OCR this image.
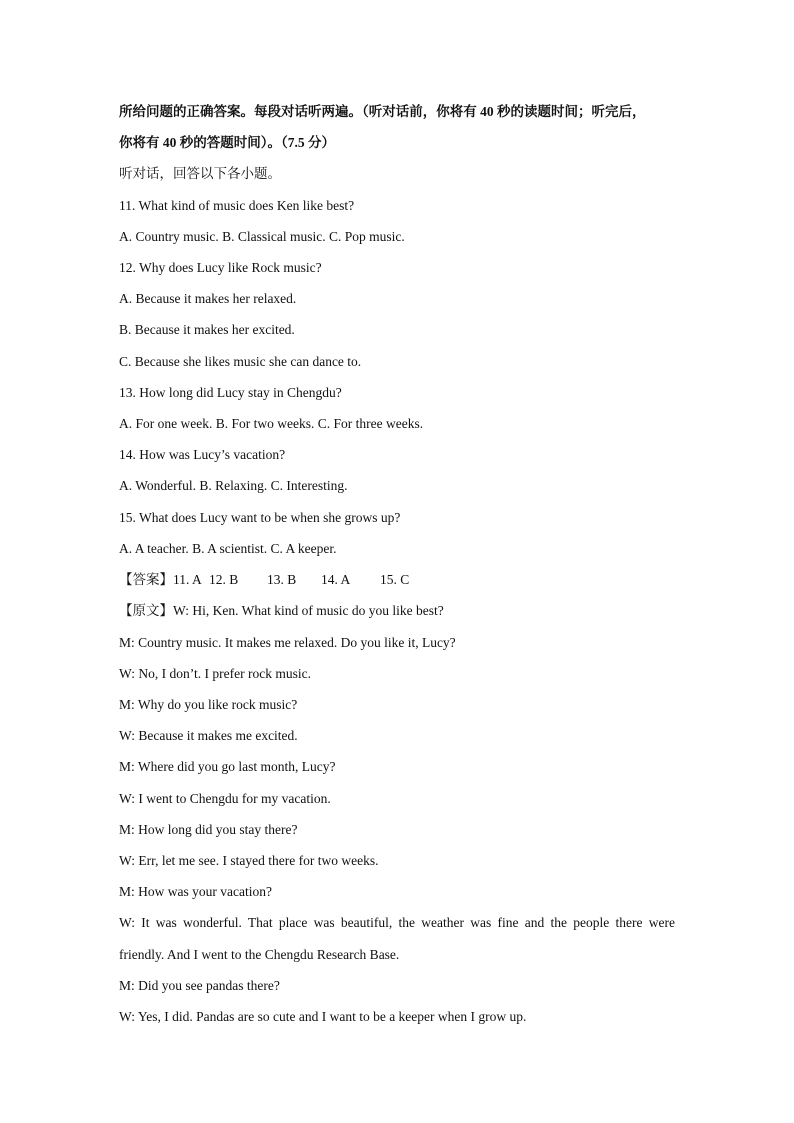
所给问题的正确答案。每段对话听两遍。（听对话前，你将有 40 秒的读题时间；听完后，
你将有 40 秒的答题时间）。（7.5 分）
听对话，回答以下各小题。
11. What kind of music does Ken like best?
A. Country music. B. Classical music. C. Pop music.
12. Why does Lucy like Rock music?
A. Because it makes her relaxed.
B. Because it makes her excited.
C. Because she likes music she can dance to.
13. How long did Lucy stay in Chengdu?
A. For one week. B. For two weeks. C. For three weeks.
14. How was Lucy’s vacation?
A. Wonderful. B. Relaxing. C. Interesting.
15. What does Lucy want to be when she grows up?
A. A teacher. B. A scientist. C. A keeper.
【答案】11. A 12. B 13. B 14. A 15. C
【原文】W: Hi, Ken. What kind of music do you like best?
M: Country music. It makes me relaxed. Do you like it, Lucy?
W: No, I don’t. I prefer rock music.
M: Why do you like rock music?
W: Because it makes me excited.
M: Where did you go last month, Lucy?
W: I went to Chengdu for my vacation.
M: How long did you stay there?
W: Err, let me see. I stayed there for two weeks.
M: How was your vacation?
W: It was wonderful. That place was beautiful, the weather was fine and the people there were
friendly. And I went to the Chengdu Research Base.
M: Did you see pandas there?
W: Yes, I did. Pandas are so cute and I want to be a keeper when I grow up.
